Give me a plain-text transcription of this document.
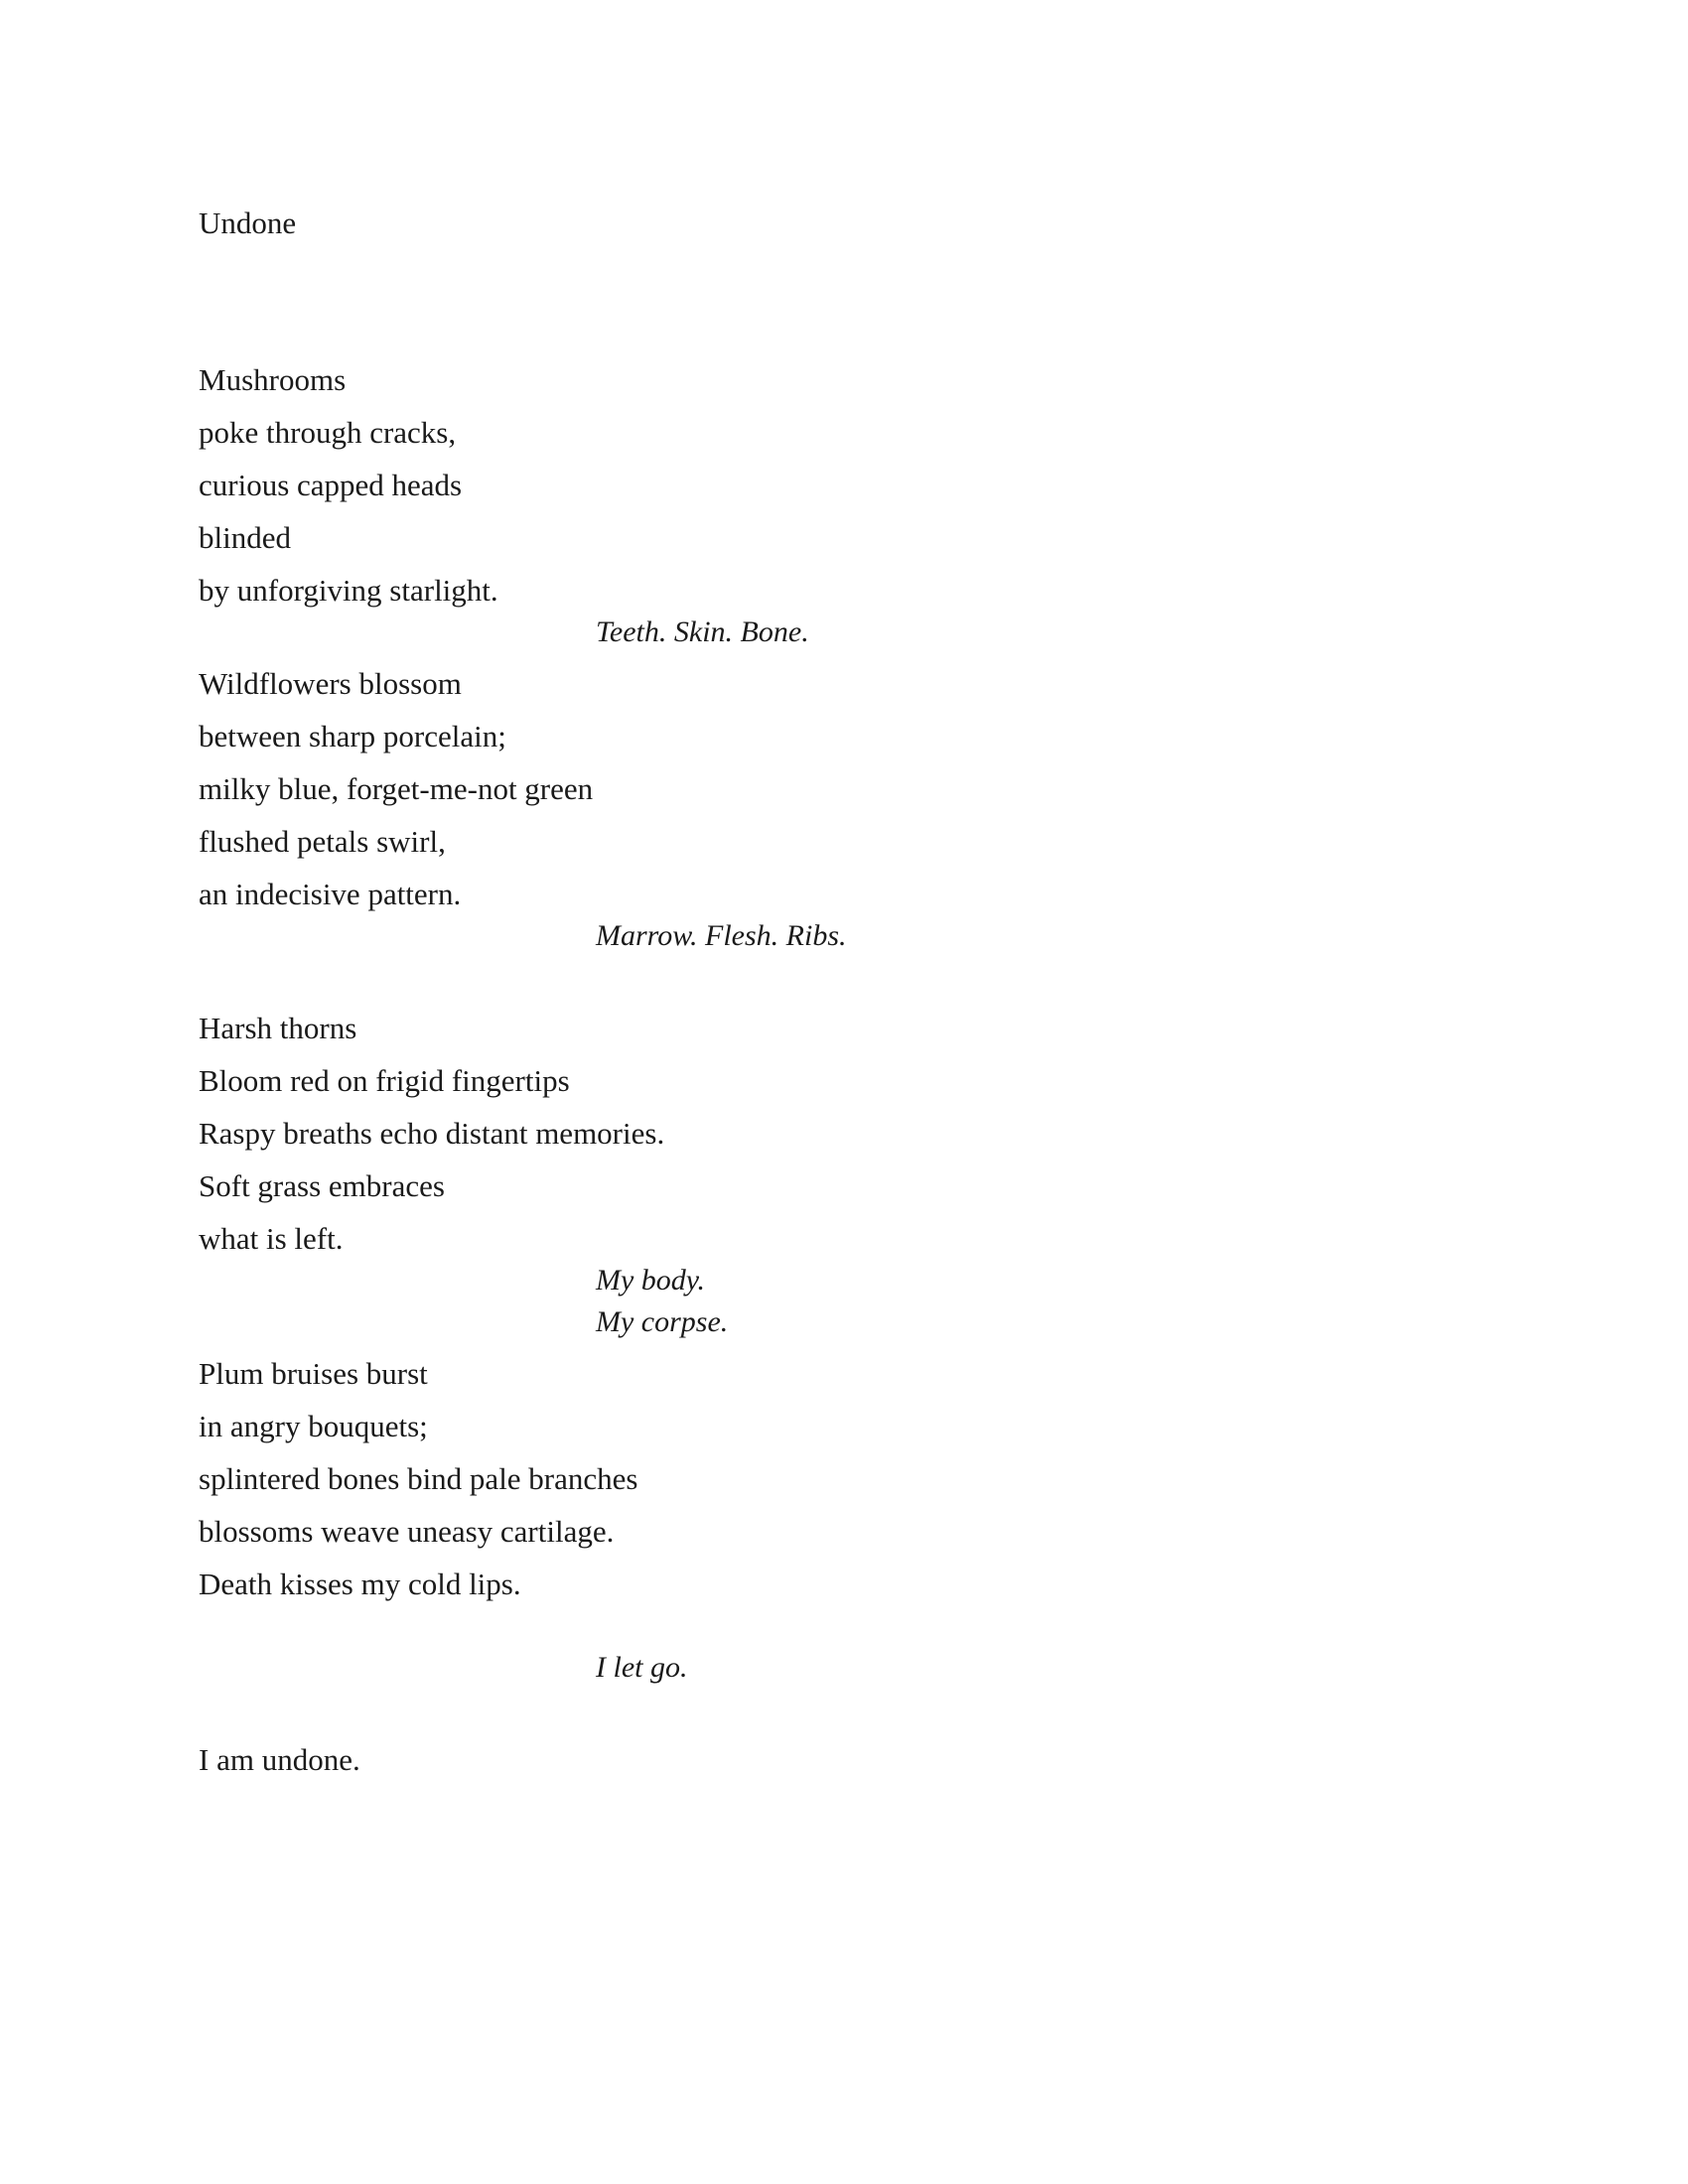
Undone
Mushrooms
poke through cracks,
curious capped heads
blinded
by unforgiving starlight.
Teeth. Skin. Bone.
Wildflowers blossom
between sharp porcelain;
milky blue, forget-me-not green
flushed petals swirl,
an indecisive pattern.
Marrow. Flesh. Ribs.
Harsh thorns
Bloom red on frigid fingertips
Raspy breaths echo distant memories.
Soft grass embraces
what is left.
My body.
My corpse.
Plum bruises burst
in angry bouquets;
splintered bones bind pale branches
blossoms weave uneasy cartilage.
Death kisses my cold lips.
I let go.
I am undone.
